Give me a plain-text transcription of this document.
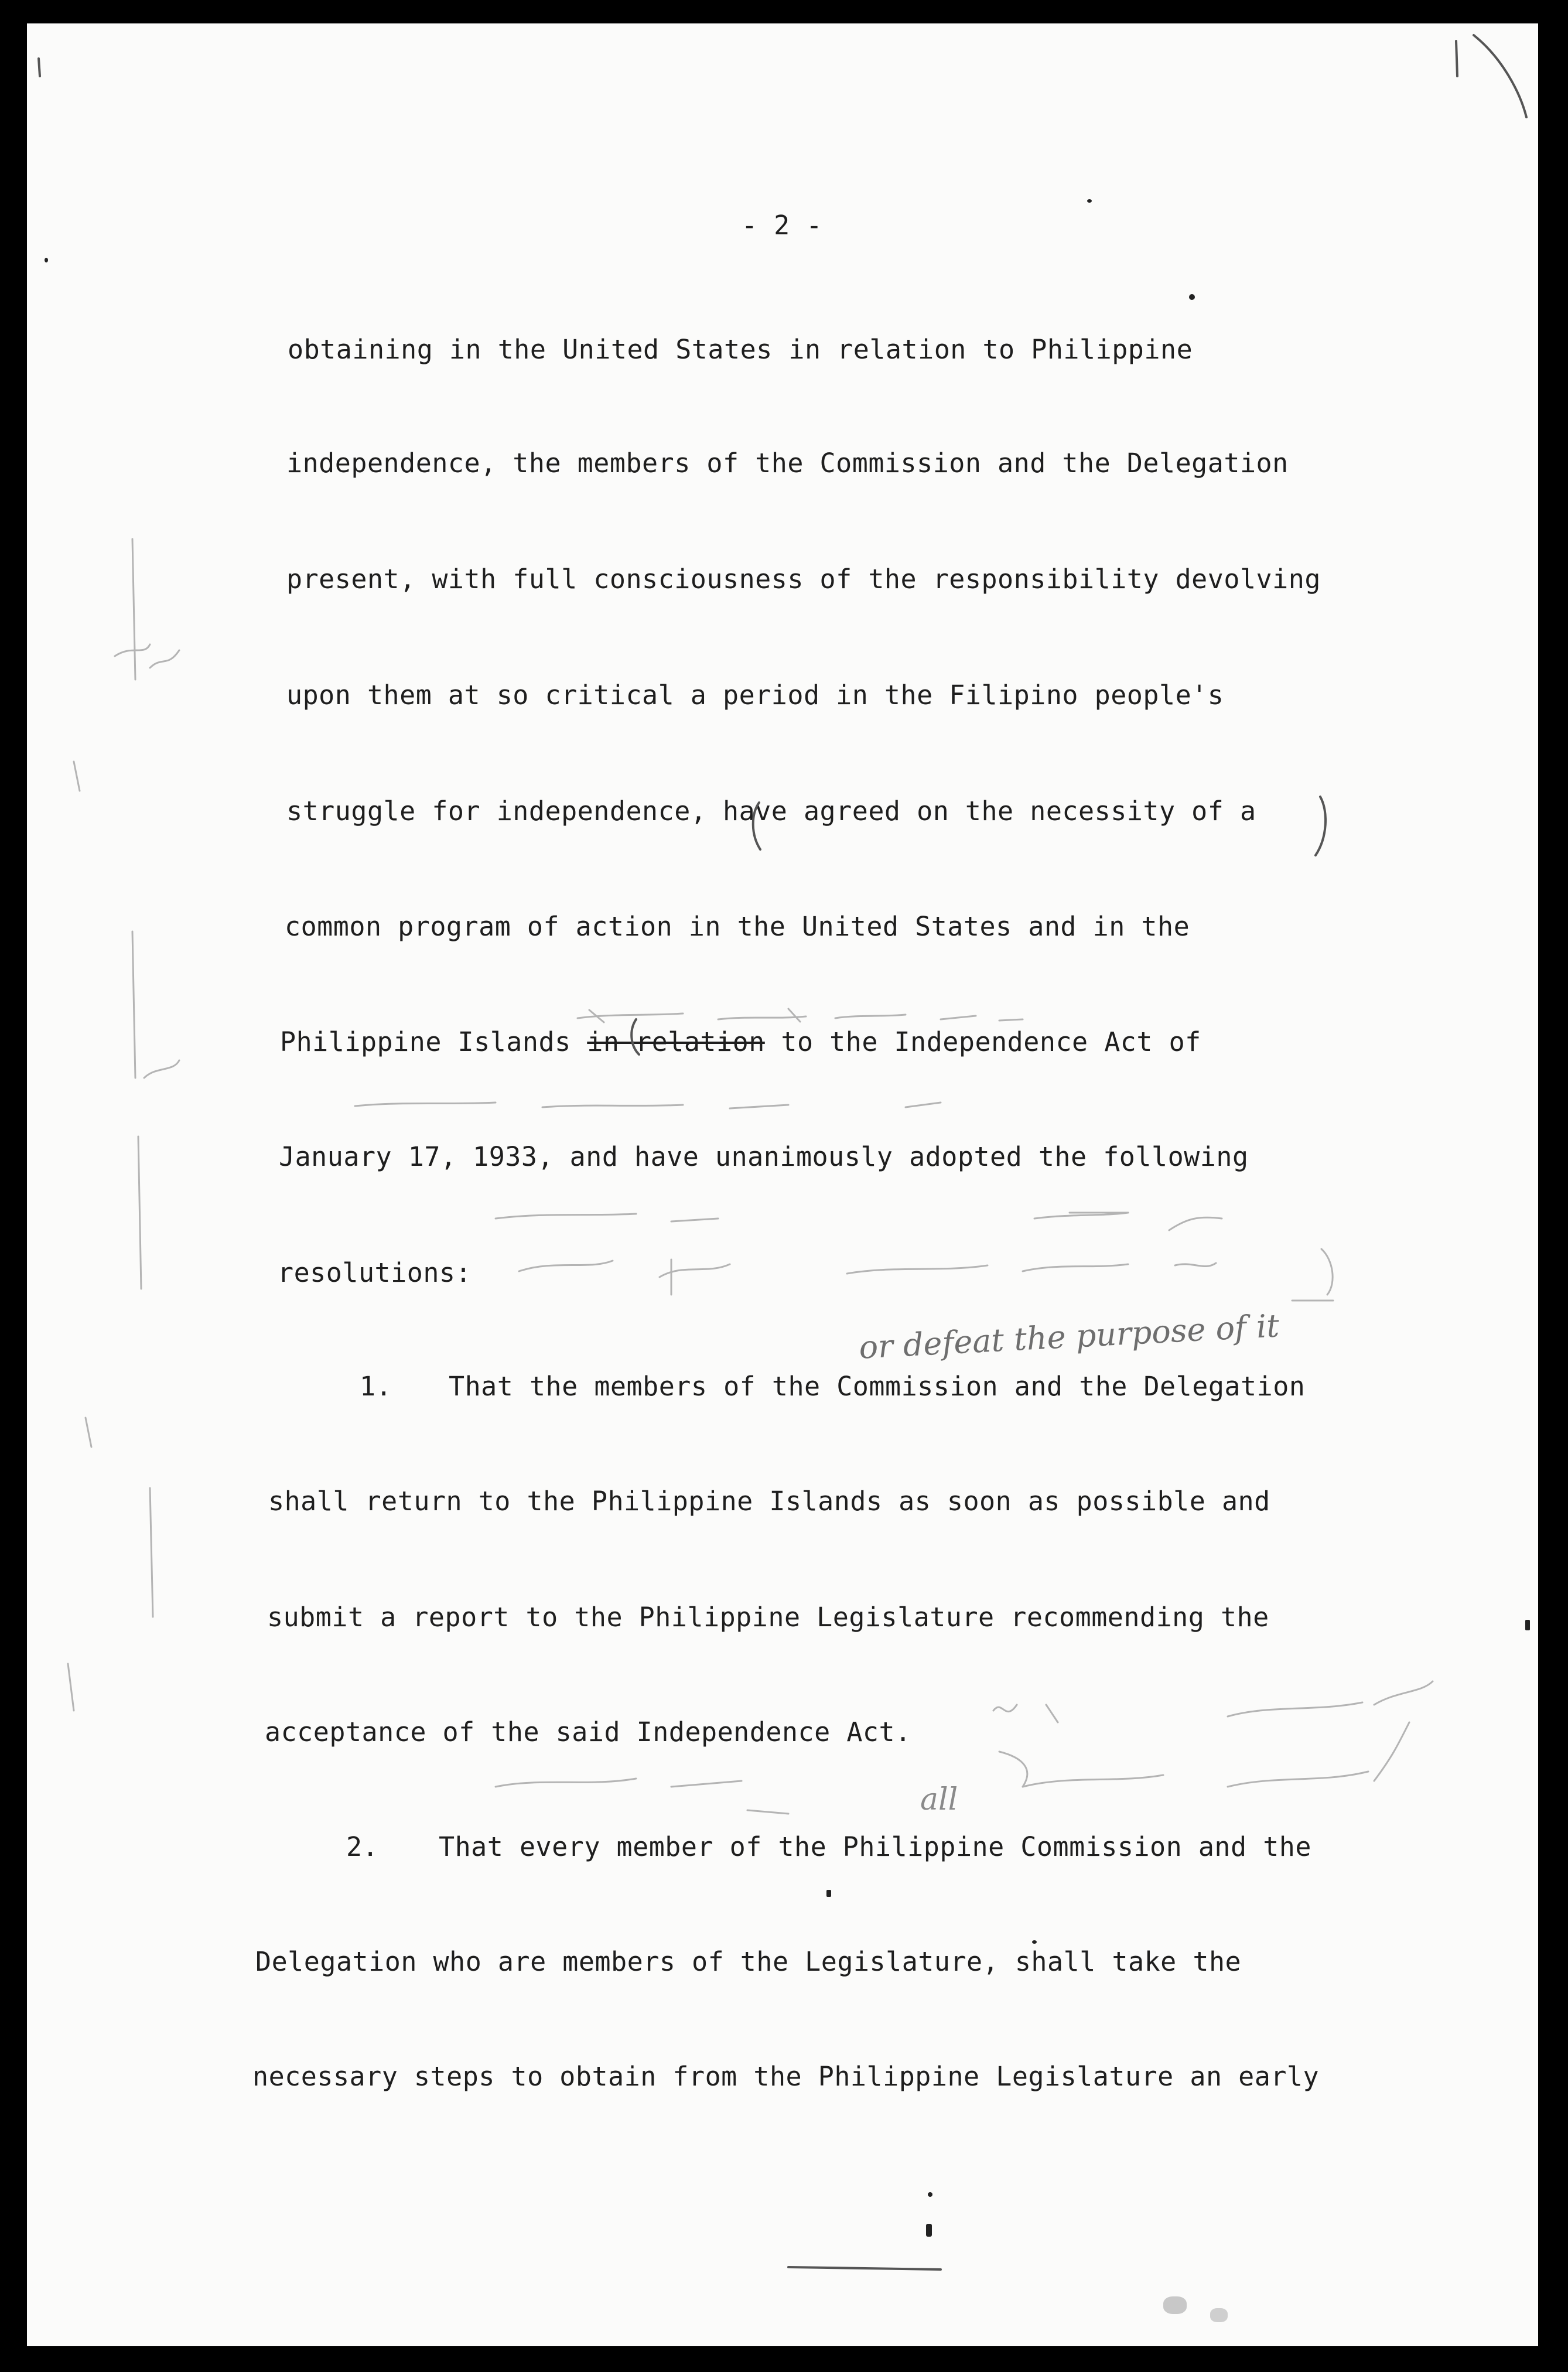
- 2 -
obtaining in the United States in relation to Philippine
independence, the members of the Commission and the Delegation
present, with full consciousness of the responsibility devolving
upon them at so critical a period in the Filipino people's
struggle for independence, have agreed on the necessity of a
common program of action in the United States and in the
Philippine Islands in relation to the Independence Act of
January 17, 1933, and have unanimously adopted the following
resolutions:
1. That the members of the Commission and the Delegation
shall return to the Philippine Islands as soon as possible and
submit a report to the Philippine Legislature recommending the
acceptance of the said Independence Act.
2. That every member of the Philippine Commission and the
Delegation who are members of the Legislature, shall take the
necessary steps to obtain from the Philippine Legislature an early
or defeat the purpose of it
all
